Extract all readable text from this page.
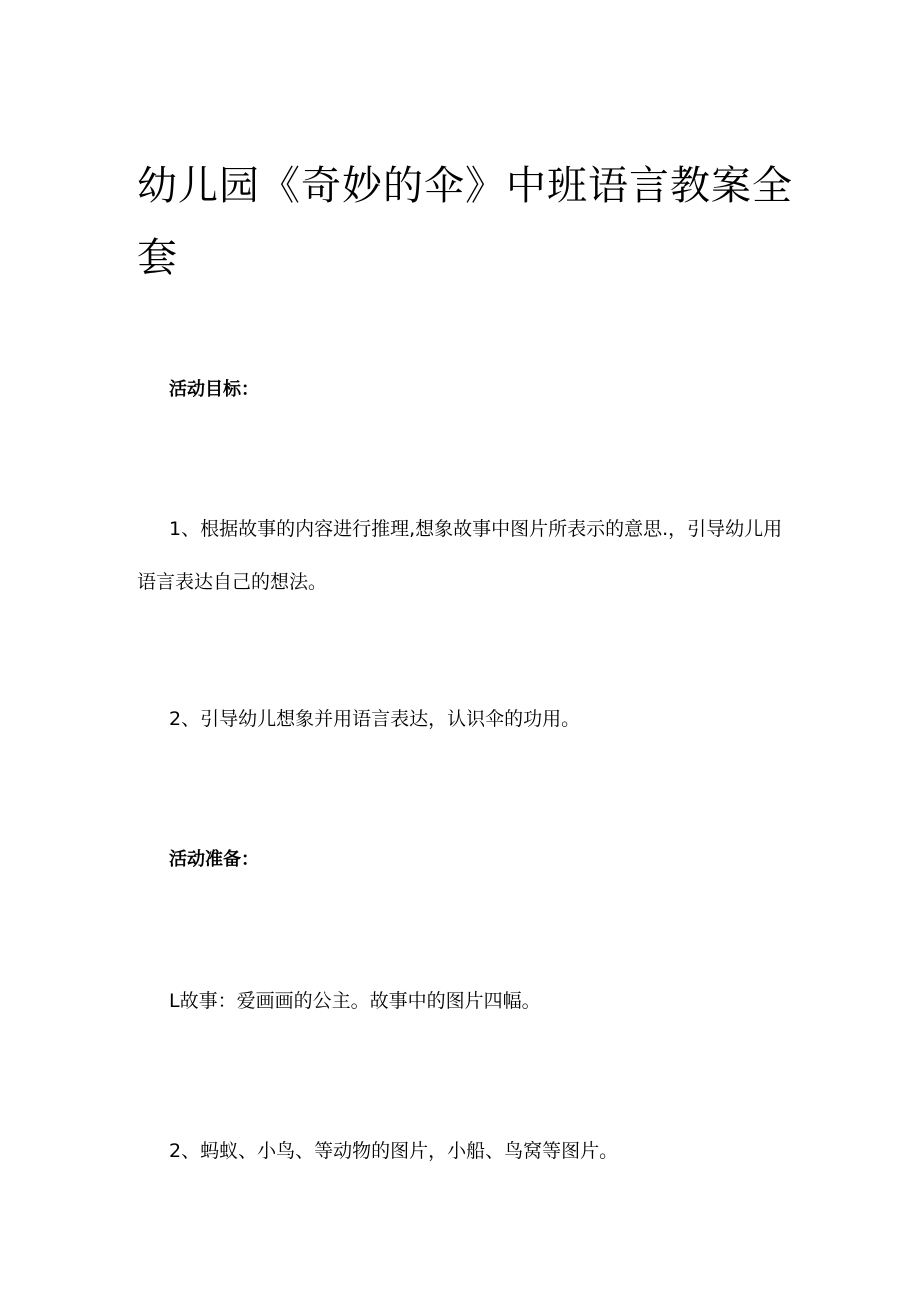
幼儿园《奇妙的伞》中班语言教案全套
活动目标：

1、根据故事的内容进行推理,想象故事中图片所表示的意思.，引导幼儿用语言表达自己的想法。

2、引导幼儿想象并用语言表达，认识伞的功用。

活动准备：

L故事：爱画画的公主。故事中的图片四幅。

2、蚂蚁、小鸟、等动物的图片，小船、鸟窝等图片。
